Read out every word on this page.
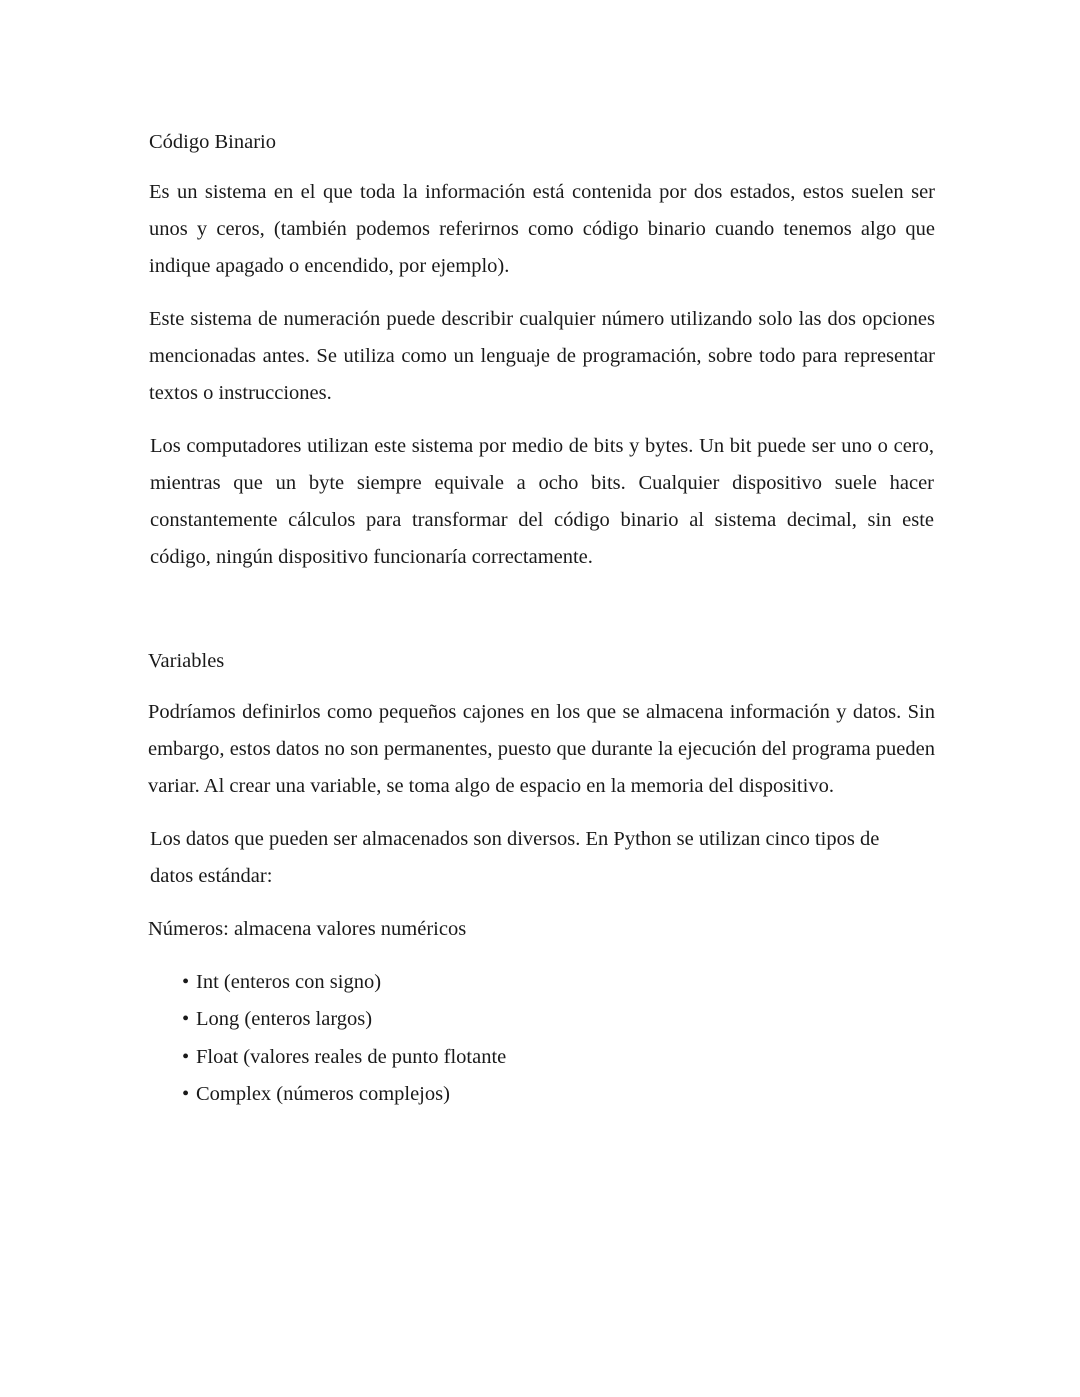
Código Binario

Es un sistema en el que toda la información está contenida por dos estados, estos suelen ser unos y ceros, (también podemos referirnos como código binario cuando tenemos algo que indique apagado o encendido, por ejemplo).

Este sistema de numeración puede describir cualquier número utilizando solo las dos opciones mencionadas antes. Se utiliza como un lenguaje de programación, sobre todo para representar textos o instrucciones.

Los computadores utilizan este sistema por medio de bits y bytes. Un bit puede ser uno o cero, mientras que un byte siempre equivale a ocho bits. Cualquier dispositivo suele hacer constantemente cálculos para transformar del código binario al sistema decimal, sin este código, ningún dispositivo funcionaría correctamente.

Variables

Podríamos definirlos como pequeños cajones en los que se almacena información y datos. Sin embargo, estos datos no son permanentes, puesto que durante la ejecución del programa pueden variar. Al crear una variable, se toma algo de espacio en la memoria del dispositivo.

Los datos que pueden ser almacenados son diversos. En Python se utilizan cinco tipos de datos estándar:

Números: almacena valores numéricos

• Int (enteros con signo)
• Long (enteros largos)
• Float (valores reales de punto flotante
• Complex (números complejos)
